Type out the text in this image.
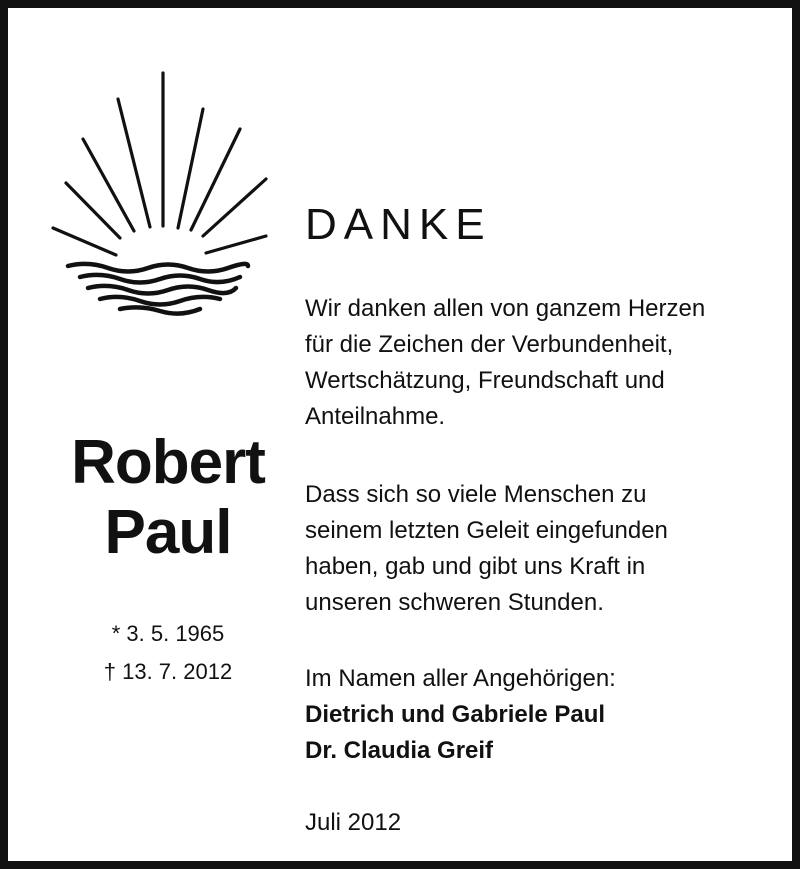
Robert
Paul
* 3. 5. 1965
† 13. 7. 2012
DANKE
Wir danken allen von ganzem Herzen
für die Zeichen der Verbundenheit,
Wertschätzung, Freundschaft und
Anteilnahme.
Dass sich so viele Menschen zu
seinem letzten Geleit eingefunden
haben, gab und gibt uns Kraft in
unseren schweren Stunden.
Im Namen aller Angehörigen:
Dietrich und Gabriele Paul
Dr. Claudia Greif
Juli 2012
